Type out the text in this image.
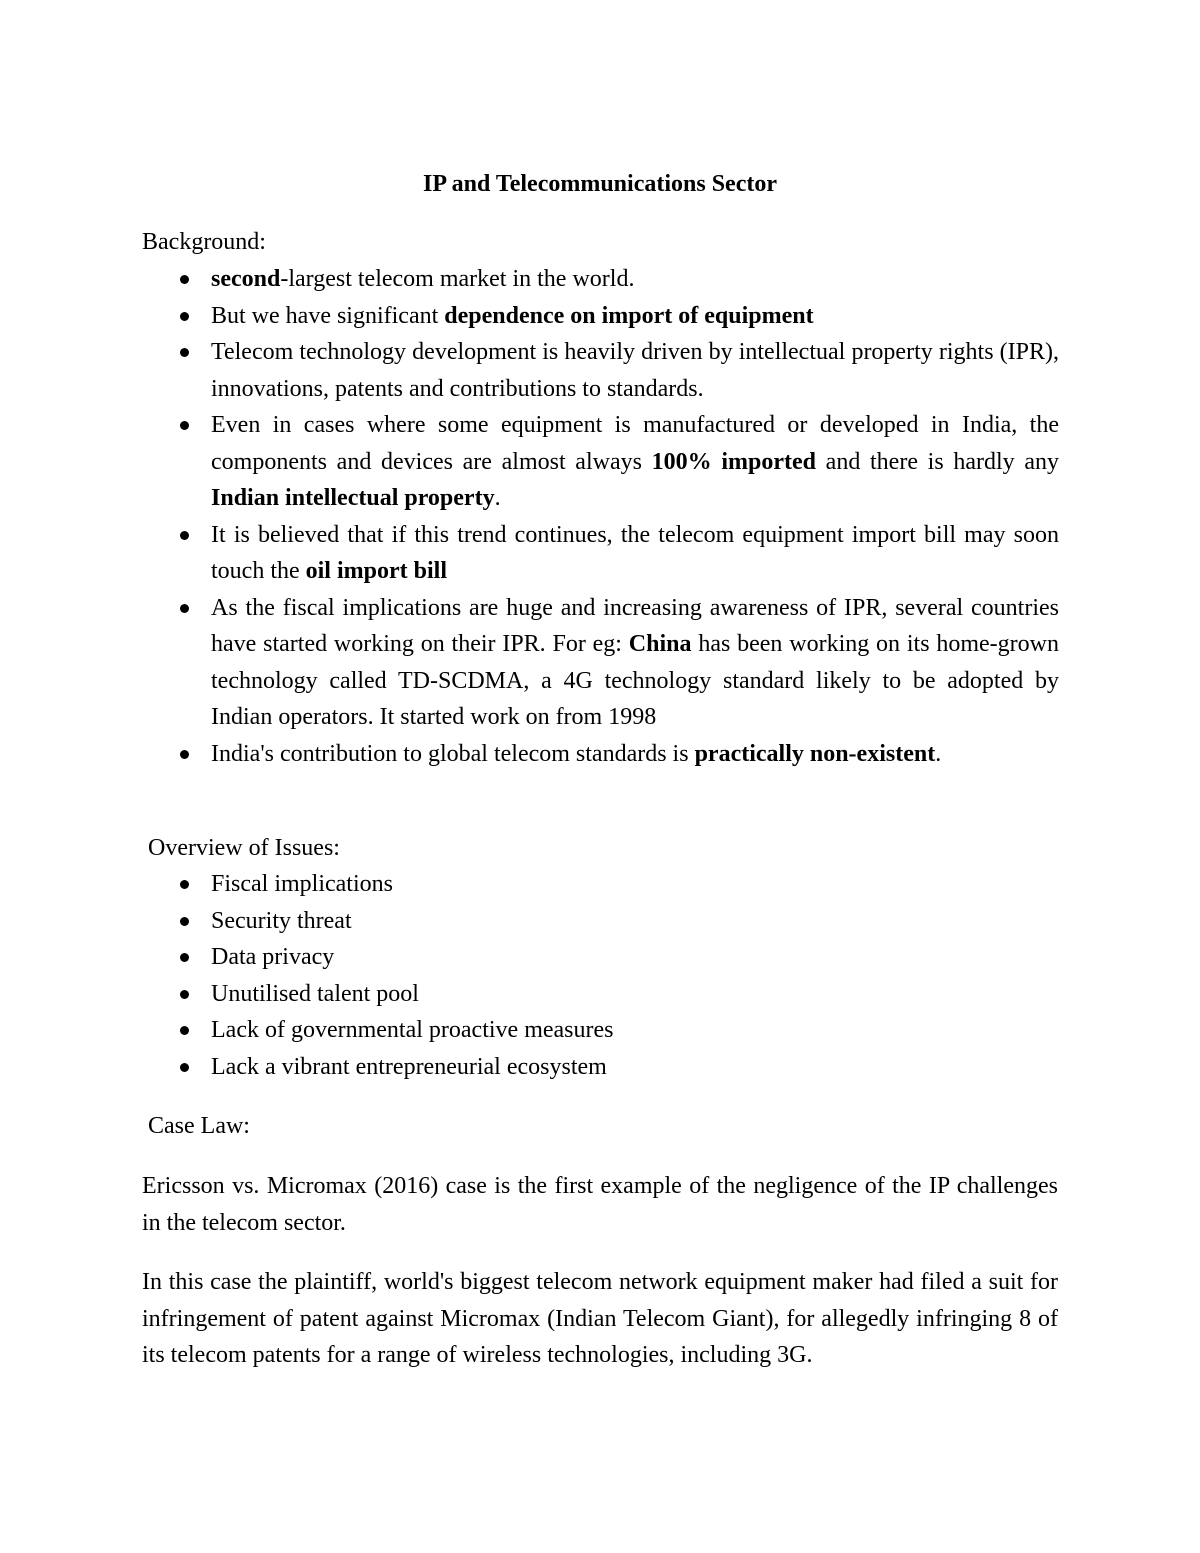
IP and Telecommunications Sector

Background:

second-largest telecom market in the world.
But we have significant dependence on import of equipment
Telecom technology development is heavily driven by intellectual property rights (IPR), innovations, patents and contributions to standards.
Even in cases where some equipment is manufactured or developed in India, the components and devices are almost always 100% imported and there is hardly any Indian intellectual property.
It is believed that if this trend continues, the telecom equipment import bill may soon touch the oil import bill
As the fiscal implications are huge and increasing awareness of IPR, several countries have started working on their IPR. For eg: China has been working on its home-grown technology called TD-SCDMA, a 4G technology standard likely to be adopted by Indian operators. It started work on from 1998
India's contribution to global telecom standards is practically non-existent.

Overview of Issues:

Fiscal implications
Security threat
Data privacy
Unutilised talent pool
Lack of governmental proactive measures
Lack a vibrant entrepreneurial ecosystem

Case Law:

Ericsson vs. Micromax (2016) case is the first example of the negligence of the IP challenges in the telecom sector.

In this case the plaintiff, world's biggest telecom network equipment maker had filed a suit for infringement of patent against Micromax (Indian Telecom Giant), for allegedly infringing 8 of its telecom patents for a range of wireless technologies, including 3G.
